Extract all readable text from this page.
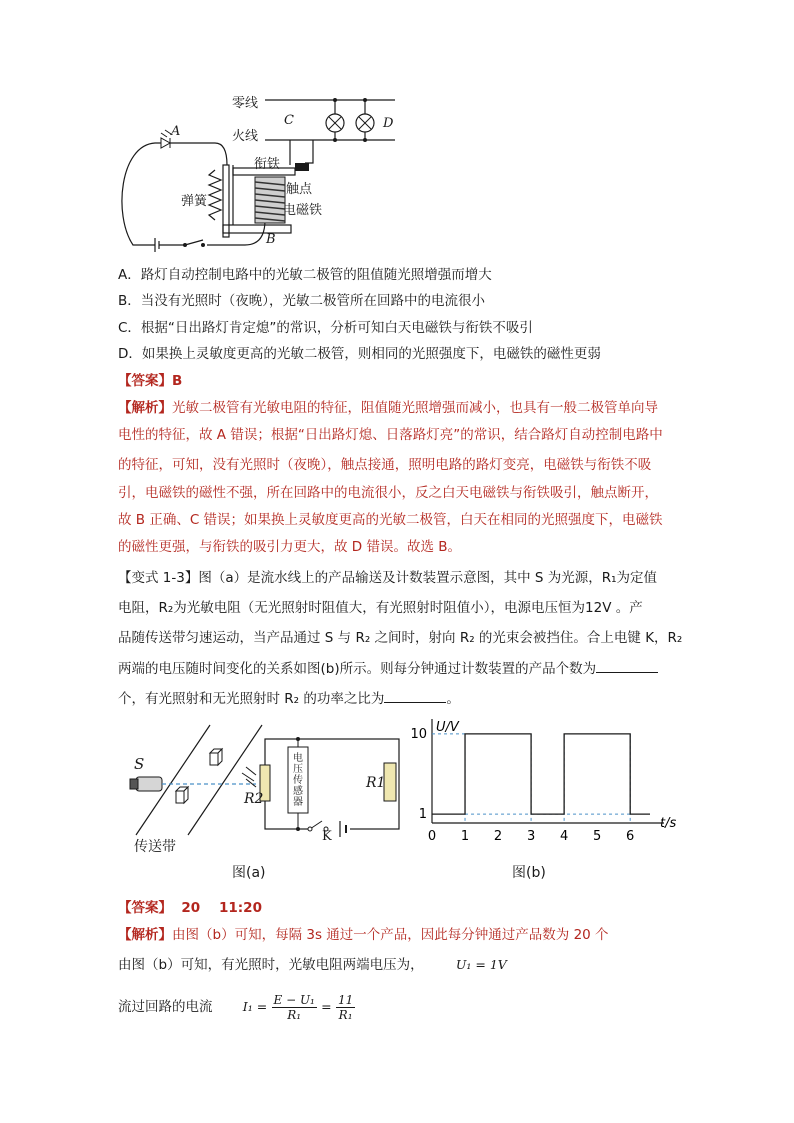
零线
火线
C	D
A
衔铁
弹簧
触点
电磁铁
B
A．路灯自动控制电路中的光敏二极管的阻值随光照增强而增大
B．当没有光照时（夜晚），光敏二极管所在回路中的电流很小
C．根据“日出路灯肯定熄”的常识，分析可知白天电磁铁与衔铁不吸引
D．如果换上灵敏度更高的光敏二极管，则相同的光照强度下，电磁铁的磁性更弱
【答案】B
【解析】光敏二极管有光敏电阻的特征，阻值随光照增强而减小，也具有一般二极管单向导
电性的特征，故 A 错误；根据“日出路灯熄、日落路灯亮”的常识，结合路灯自动控制电路中
的特征，可知，没有光照时（夜晚），触点接通，照明电路的路灯变亮，电磁铁与衔铁不吸
引，电磁铁的磁性不强，所在回路中的电流很小，反之白天电磁铁与衔铁吸引，触点断开，
故 B 正确、C 错误；如果换上灵敏度更高的光敏二极管，白天在相同的光照强度下，电磁铁
的磁性更强，与衔铁的吸引力更大，故 D 错误。故选 B。
【变式 1-3】图（a）是流水线上的产品输送及计数装置示意图，其中 S 为光源，R₁为定值
电阻，R₂为光敏电阻（无光照射时阻值大，有光照射时阻值小），电源电压恒为12V 。产
品随传送带匀速运动，当产品通过 S 与 R₂ 之间时，射向 R₂ 的光束会被挡住。合上电键 K，R₂
两端的电压随时间变化的关系如图(b)所示。则每分钟通过计数装置的产品个数为
个，有光照射和无光照射时 R₂ 的功率之比为	。
S
R2
R1
K
电
压
传
感
器
传送带
图(a)
t/s
U/V
0 1 2 3 4 5 6
1
10
图(b)
【答案】 20    11:20
【解析】由图（b）可知，每隔 3s 通过一个产品，因此每分钟通过产品数为 20 个
由图（b）可知，有光照时，光敏电阻两端电压为，	U₁ = 1V
流过回路的电流 $I_1 = \frac{\text{E − U₁}}{\text{R₁}} = \frac{11}{\text{R₁}}$
